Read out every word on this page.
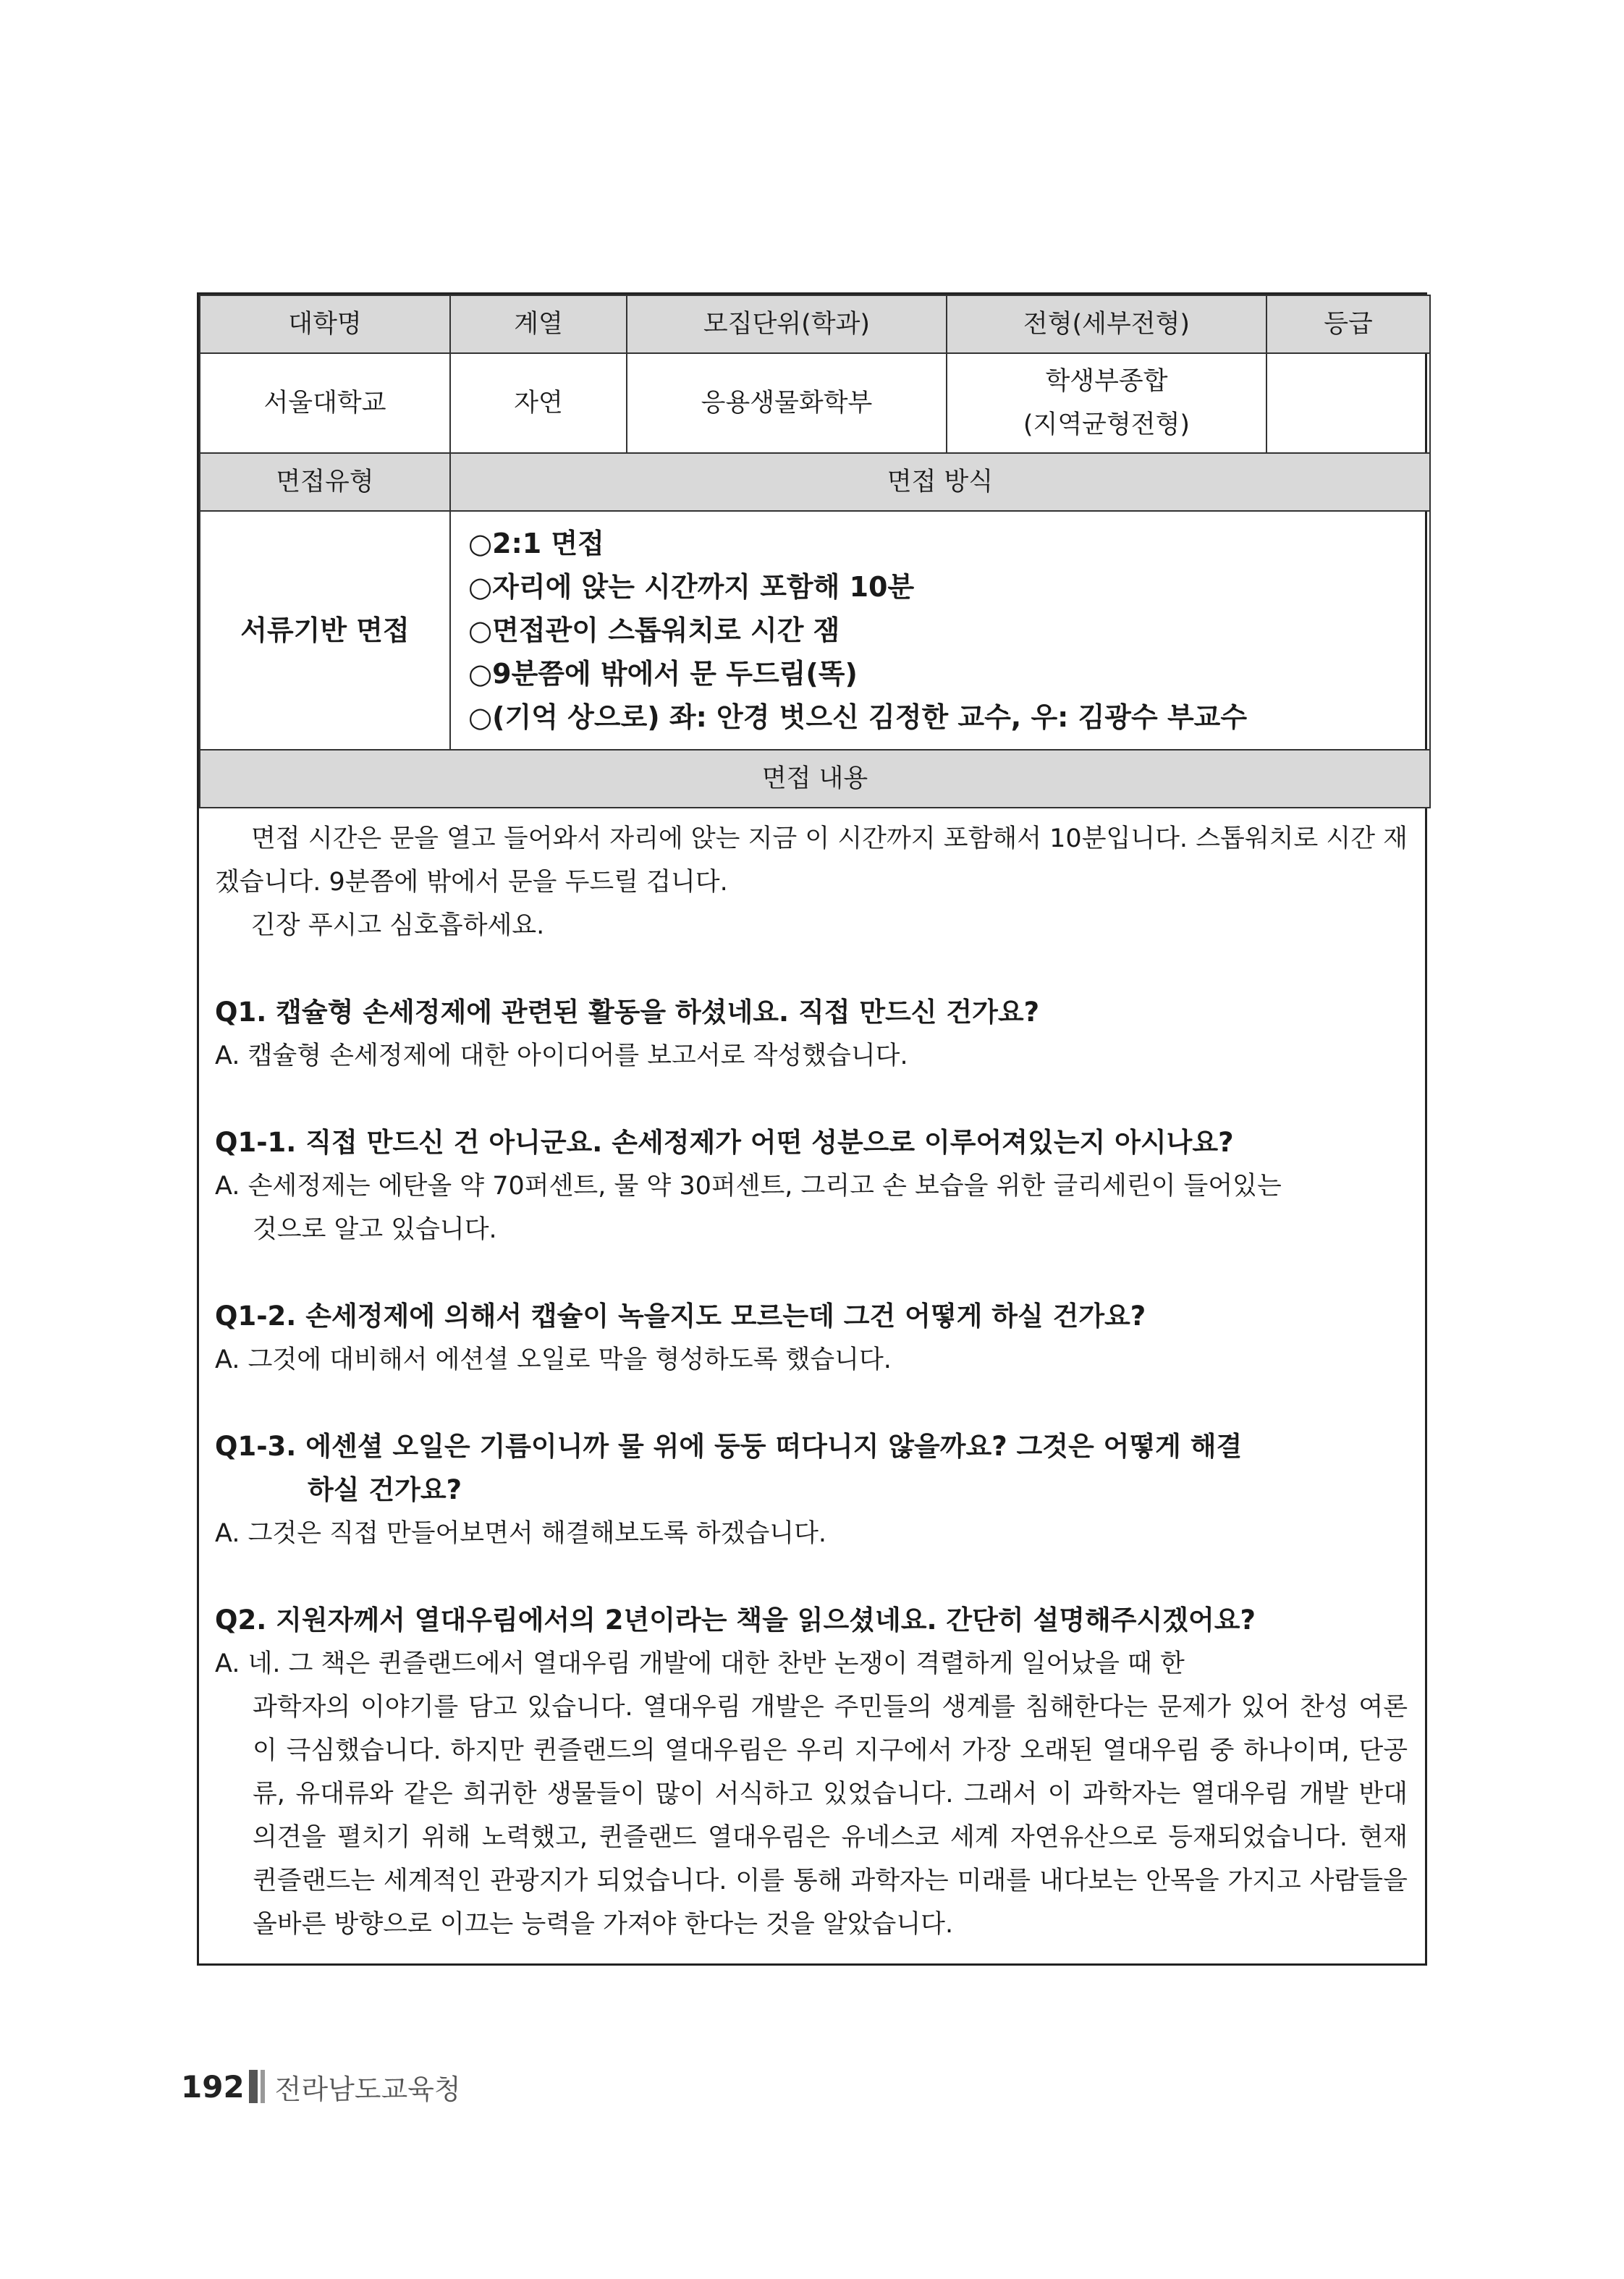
대학명	계열	모집단위(학과)	전형(세부전형)	등급
서울대학교	자연	응용생물화학부	학생부종합
(지역균형전형)	

면접유형	면접 방식			
서류기반 면접	○2:1 면접
○자리에 앉는 시간까지 포함해 10분
○면접관이 스톱워치로 시간 잼
○9분쯤에 밖에서 문 두드림(똑)
○(기억 상으로) 좌: 안경 벗으신 김정한 교수, 우: 김광수 부교수			

면접 내용				

면접 시간은 문을 열고 들어와서 자리에 앉는 지금 이 시간까지 포함해서 10분입니다. 스톱워치로 시간 재겠습니다. 9분쯤에 밖에서 문을 두드릴 겁니다.

긴장 푸시고 심호흡하세요.

Q1. 캡슐형 손세정제에 관련된 활동을 하셨네요. 직접 만드신 건가요?

A. 캡슐형 손세정제에 대한 아이디어를 보고서로 작성했습니다.

Q1-1. 직접 만드신 건 아니군요. 손세정제가 어떤 성분으로 이루어져있는지 아시나요?

A. 손세정제는 에탄올 약 70퍼센트, 물 약 30퍼센트, 그리고 손 보습을 위한 글리세린이 들어있는

것으로 알고 있습니다.

Q1-2. 손세정제에 의해서 캡슐이 녹을지도 모르는데 그건 어떻게 하실 건가요?

A. 그것에 대비해서 에션셜 오일로 막을 형성하도록 했습니다.

Q1-3. 에센셜 오일은 기름이니까 물 위에 둥둥 떠다니지 않을까요? 그것은 어떻게 해결

하실 건가요?

A. 그것은 직접 만들어보면서 해결해보도록 하겠습니다.

Q2. 지원자께서 열대우림에서의 2년이라는 책을 읽으셨네요. 간단히 설명해주시겠어요?

A. 네. 그 책은 퀸즐랜드에서 열대우림 개발에 대한 찬반 논쟁이 격렬하게 일어났을 때 한

과학자의 이야기를 담고 있습니다. 열대우림 개발은 주민들의 생계를 침해한다는 문제가 있어 찬성 여론이 극심했습니다. 하지만 퀸즐랜드의 열대우림은 우리 지구에서 가장 오래된 열대우림 중 하나이며, 단공류, 유대류와 같은 희귀한 생물들이 많이 서식하고 있었습니다. 그래서 이 과학자는 열대우림 개발 반대 의견을 펼치기 위해 노력했고, 퀸즐랜드 열대우림은 유네스코 세계 자연유산으로 등재되었습니다. 현재 퀸즐랜드는 세계적인 관광지가 되었습니다. 이를 통해 과학자는 미래를 내다보는 안목을 가지고 사람들을 올바른 방향으로 이끄는 능력을 가져야 한다는 것을 알았습니다.

192 전라남도교육청
